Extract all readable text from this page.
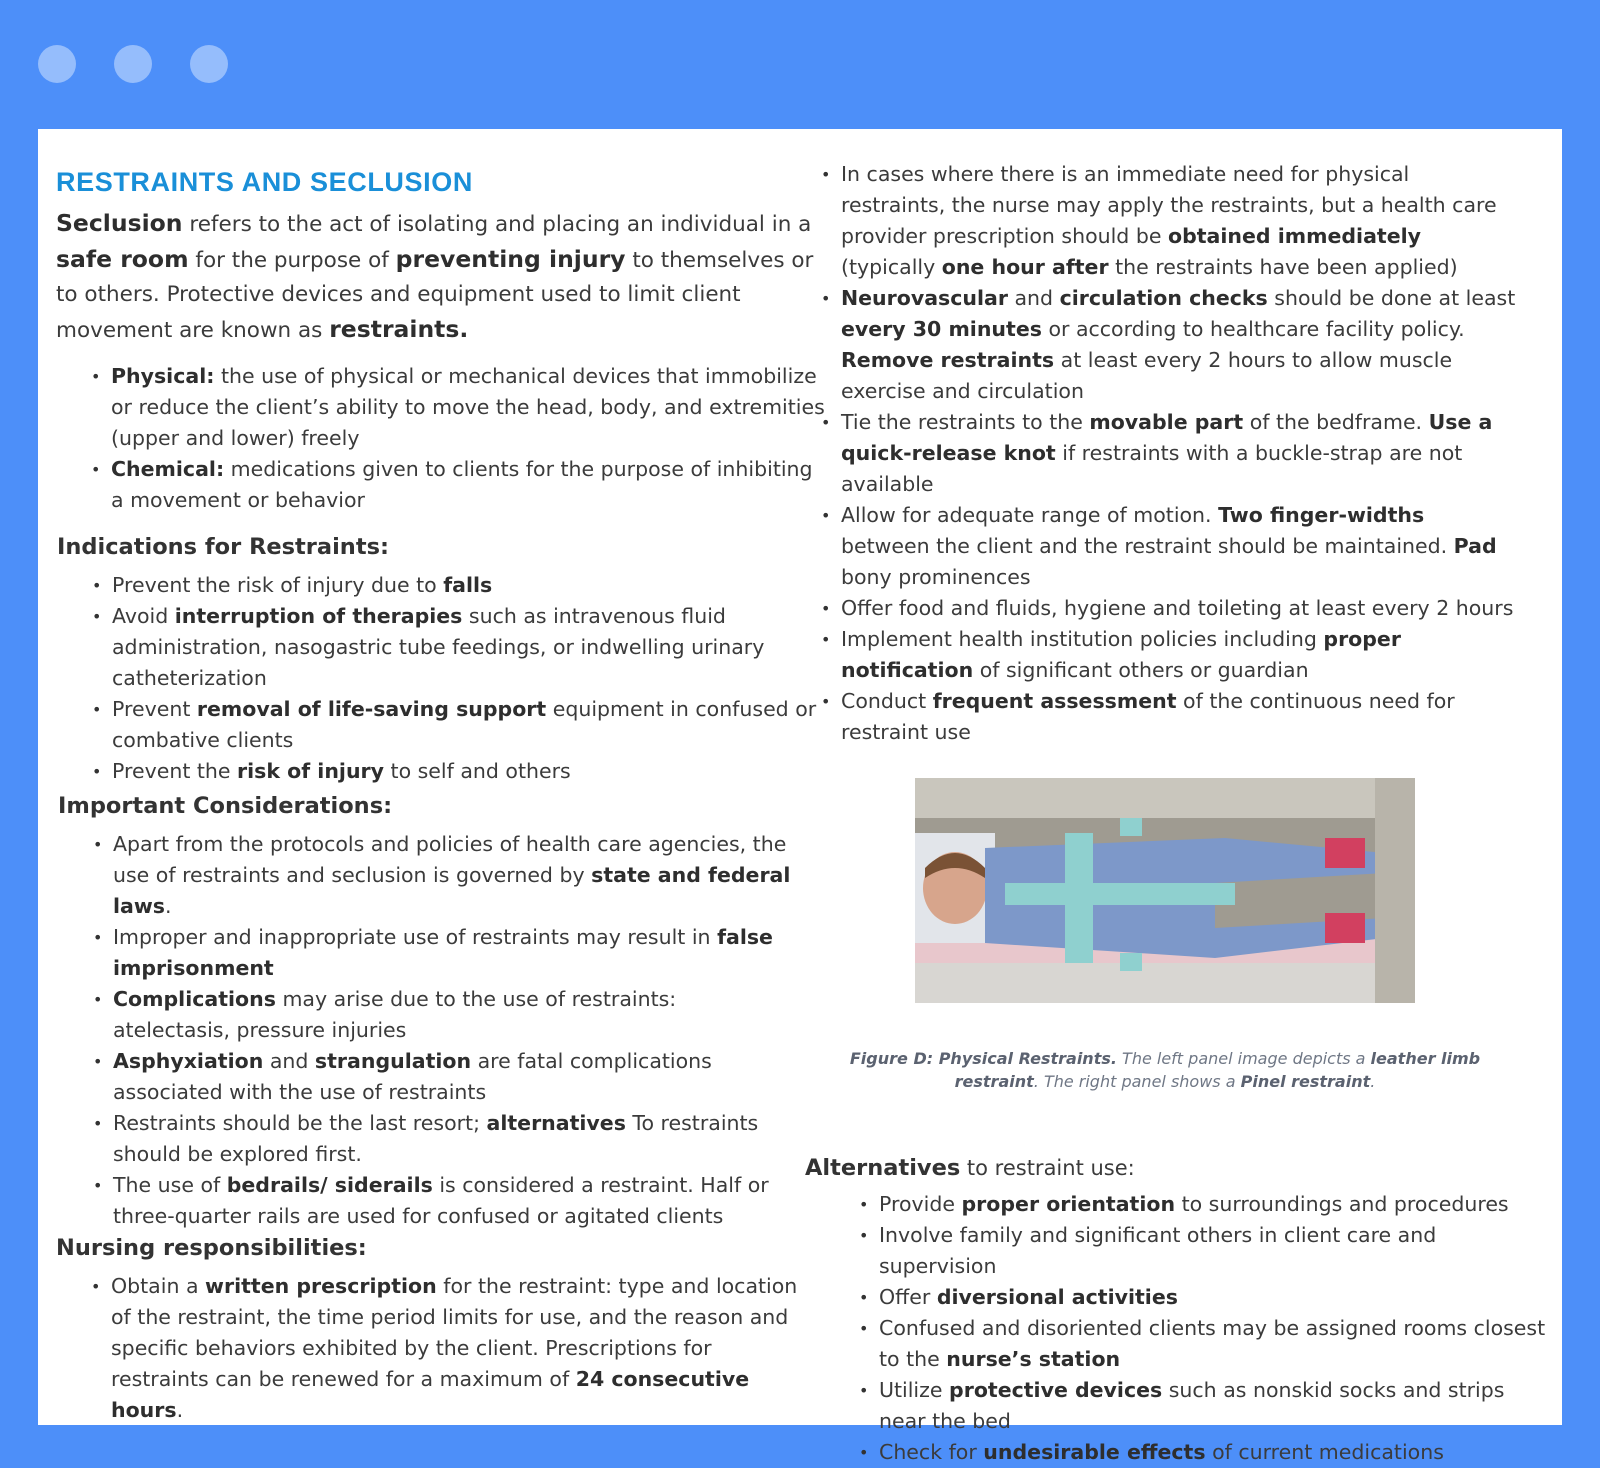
RESTRAINTS AND SECLUSION

Seclusion refers to the act of isolating and placing an individual in a safe room for the purpose of preventing injury to themselves or to others. Protective devices and equipment used to limit client movement are known as restraints.

• Physical: the use of physical or mechanical devices that immobilize or reduce the client’s ability to move the head, body, and extremities (upper and lower) freely
• Chemical: medications given to clients for the purpose of inhibiting a movement or behavior
Indications for Restraints:
• Prevent the risk of injury due to falls
• Avoid interruption of therapies such as intravenous fluid administration, nasogastric tube feedings, or indwelling urinary catheterization
• Prevent removal of life-saving support equipment in confused or combative clients
• Prevent the risk of injury to self and others
Important Considerations:
• Apart from the protocols and policies of health care agencies, the use of restraints and seclusion is governed by state and federal laws.
• Improper and inappropriate use of restraints may result in false imprisonment
• Complications may arise due to the use of restraints: atelectasis, pressure injuries
• Asphyxiation and strangulation are fatal complications associated with the use of restraints
• Restraints should be the last resort; alternatives To restraints should be explored first.
• The use of bedrails/ siderails is considered a restraint. Half or three-quarter rails are used for confused or agitated clients
Nursing responsibilities:
• Obtain a written prescription for the restraint: type and location of the restraint, the time period limits for use, and the reason and specific behaviors exhibited by the client. Prescriptions for restraints can be renewed for a maximum of 24 consecutive hours.
• In cases where there is an immediate need for physical restraints, the nurse may apply the restraints, but a health care provider prescription should be obtained immediately (typically one hour after the restraints have been applied)
• Neurovascular and circulation checks should be done at least every 30 minutes or according to healthcare facility policy. Remove restraints at least every 2 hours to allow muscle exercise and circulation
• Tie the restraints to the movable part of the bedframe. Use a quick-release knot if restraints with a buckle-strap are not available
• Allow for adequate range of motion. Two finger-widths between the client and the restraint should be maintained. Pad bony prominences
• Offer food and fluids, hygiene and toileting at least every 2 hours
• Implement health institution policies including proper notification of significant others or guardian
• Conduct frequent assessment of the continuous need for restraint use
Figure D: Physical Restraints. The left panel image depicts a leather limb restraint. The right panel shows a Pinel restraint.
Alternatives to restraint use:
• Provide proper orientation to surroundings and procedures
• Involve family and significant others in client care and supervision
• Offer diversional activities
• Confused and disoriented clients may be assigned rooms closest to the nurse’s station
• Utilize protective devices such as nonskid socks and strips near the bed
• Check for undesirable effects of current medications
